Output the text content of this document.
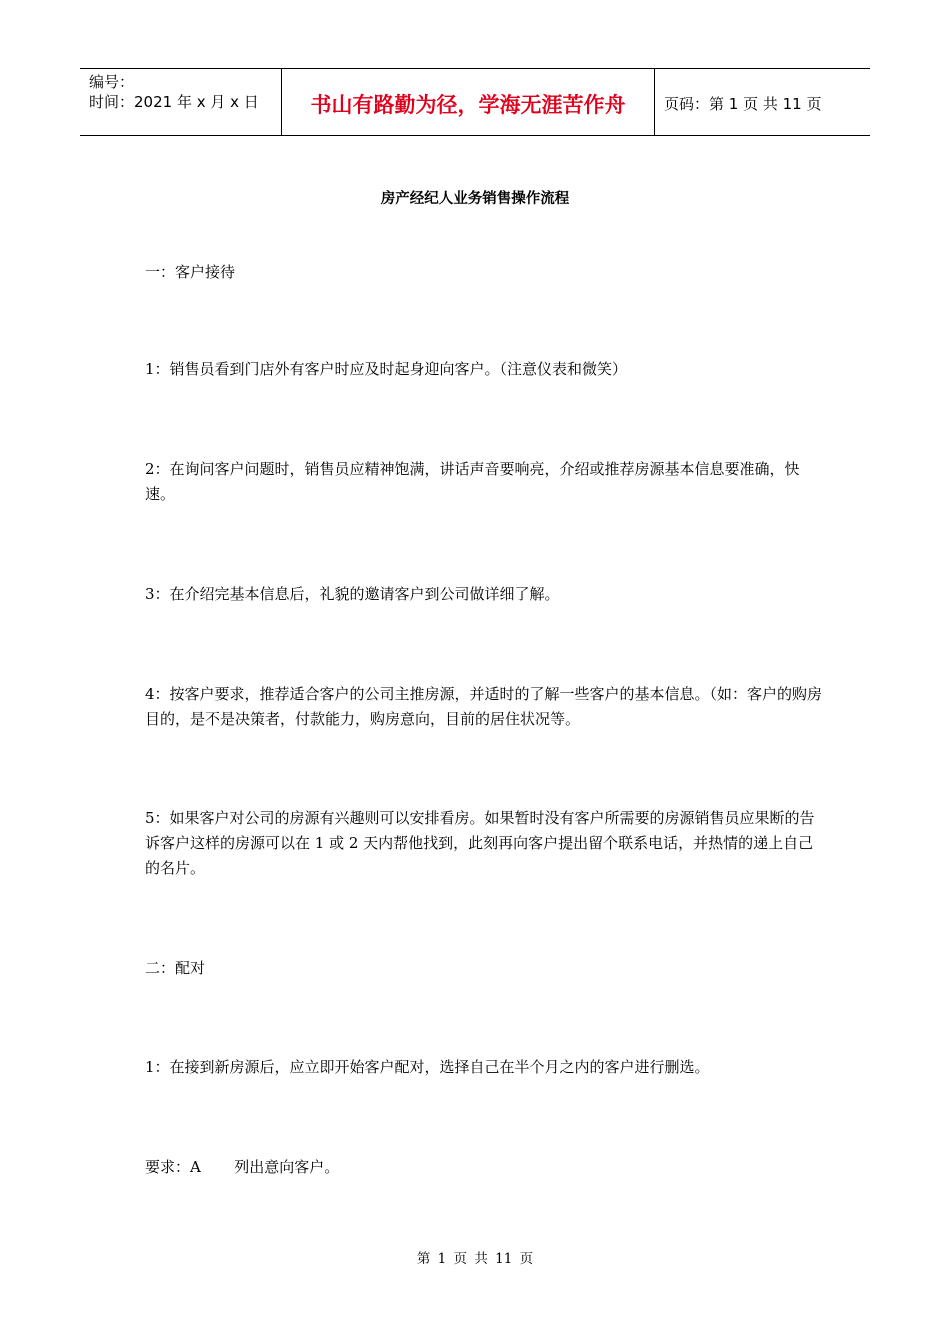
编号：
时间：2021 年 x 月 x 日	书山有路勤为径，学海无涯苦作舟	页码：第 1 页 共 11 页
房产经纪人业务销售操作流程
一：客户接待
1：销售员看到门店外有客户时应及时起身迎向客户。（注意仪表和微笑）
2：在询问客户问题时，销售员应精神饱满，讲话声音要响亮，介绍或推荐房源基本信息要准确，快速。
3：在介绍完基本信息后，礼貌的邀请客户到公司做详细了解。
4：按客户要求，推荐适合客户的公司主推房源，并适时的了解一些客户的基本信息。（如：客户的购房目的，是不是决策者，付款能力，购房意向，目前的居住状况等。
5：如果客户对公司的房源有兴趣则可以安排看房。如果暂时没有客户所需要的房源销售员应果断的告诉客户这样的房源可以在 1 或 2 天内帮他找到，此刻再向客户提出留个联系电话，并热情的递上自己的名片。
二：配对
1：在接到新房源后，应立即开始客户配对，选择自己在半个月之内的客户进行删选。
要求：A       列出意向客户。
第 1 页 共 11 页
